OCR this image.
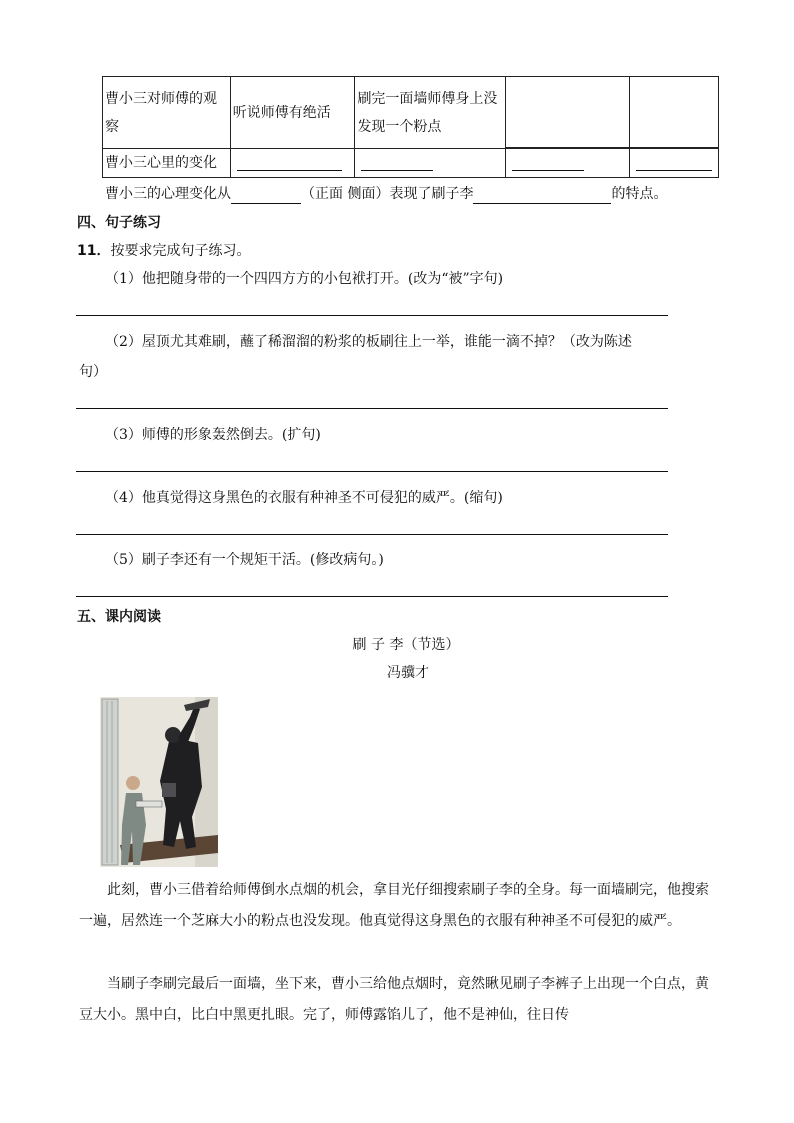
曹小三对师傅的观察	听说师傅有绝活	刷完一面墙师傅身上没发现一个粉点		

曹小三心里的变化				

曹小三的心理变化从	（正面 侧面）表现了刷子李	的特点。
四、句子练习
11．按要求完成句子练习。
（1）他把随身带的一个四四方方的小包袱打开。(改为“被”字句)
（2）屋顶尤其难刷，蘸了稀溜溜的粉浆的板刷往上一举，谁能一滴不掉？（改为陈述
句）
（3）师傅的形象轰然倒去。(扩句)
（4）他真觉得这身黑色的衣服有种神圣不可侵犯的威严。(缩句)
（5）刷子李还有一个规矩干活。(修改病句。)
五、课内阅读
刷 子 李（节选）
冯骥才
此刻，曹小三借着给师傅倒水点烟的机会，拿目光仔细搜索刷子李的全身。每一面墙刷完，他搜索一遍，居然连一个芝麻大小的粉点也没发现。他真觉得这身黑色的衣服有种神圣不可侵犯的威严。
当刷子李刷完最后一面墙，坐下来，曹小三给他点烟时，竟然瞅见刷子李裤子上出现一个白点，黄豆大小。黑中白，比白中黑更扎眼。完了，师傅露馅儿了，他不是神仙，往日传
